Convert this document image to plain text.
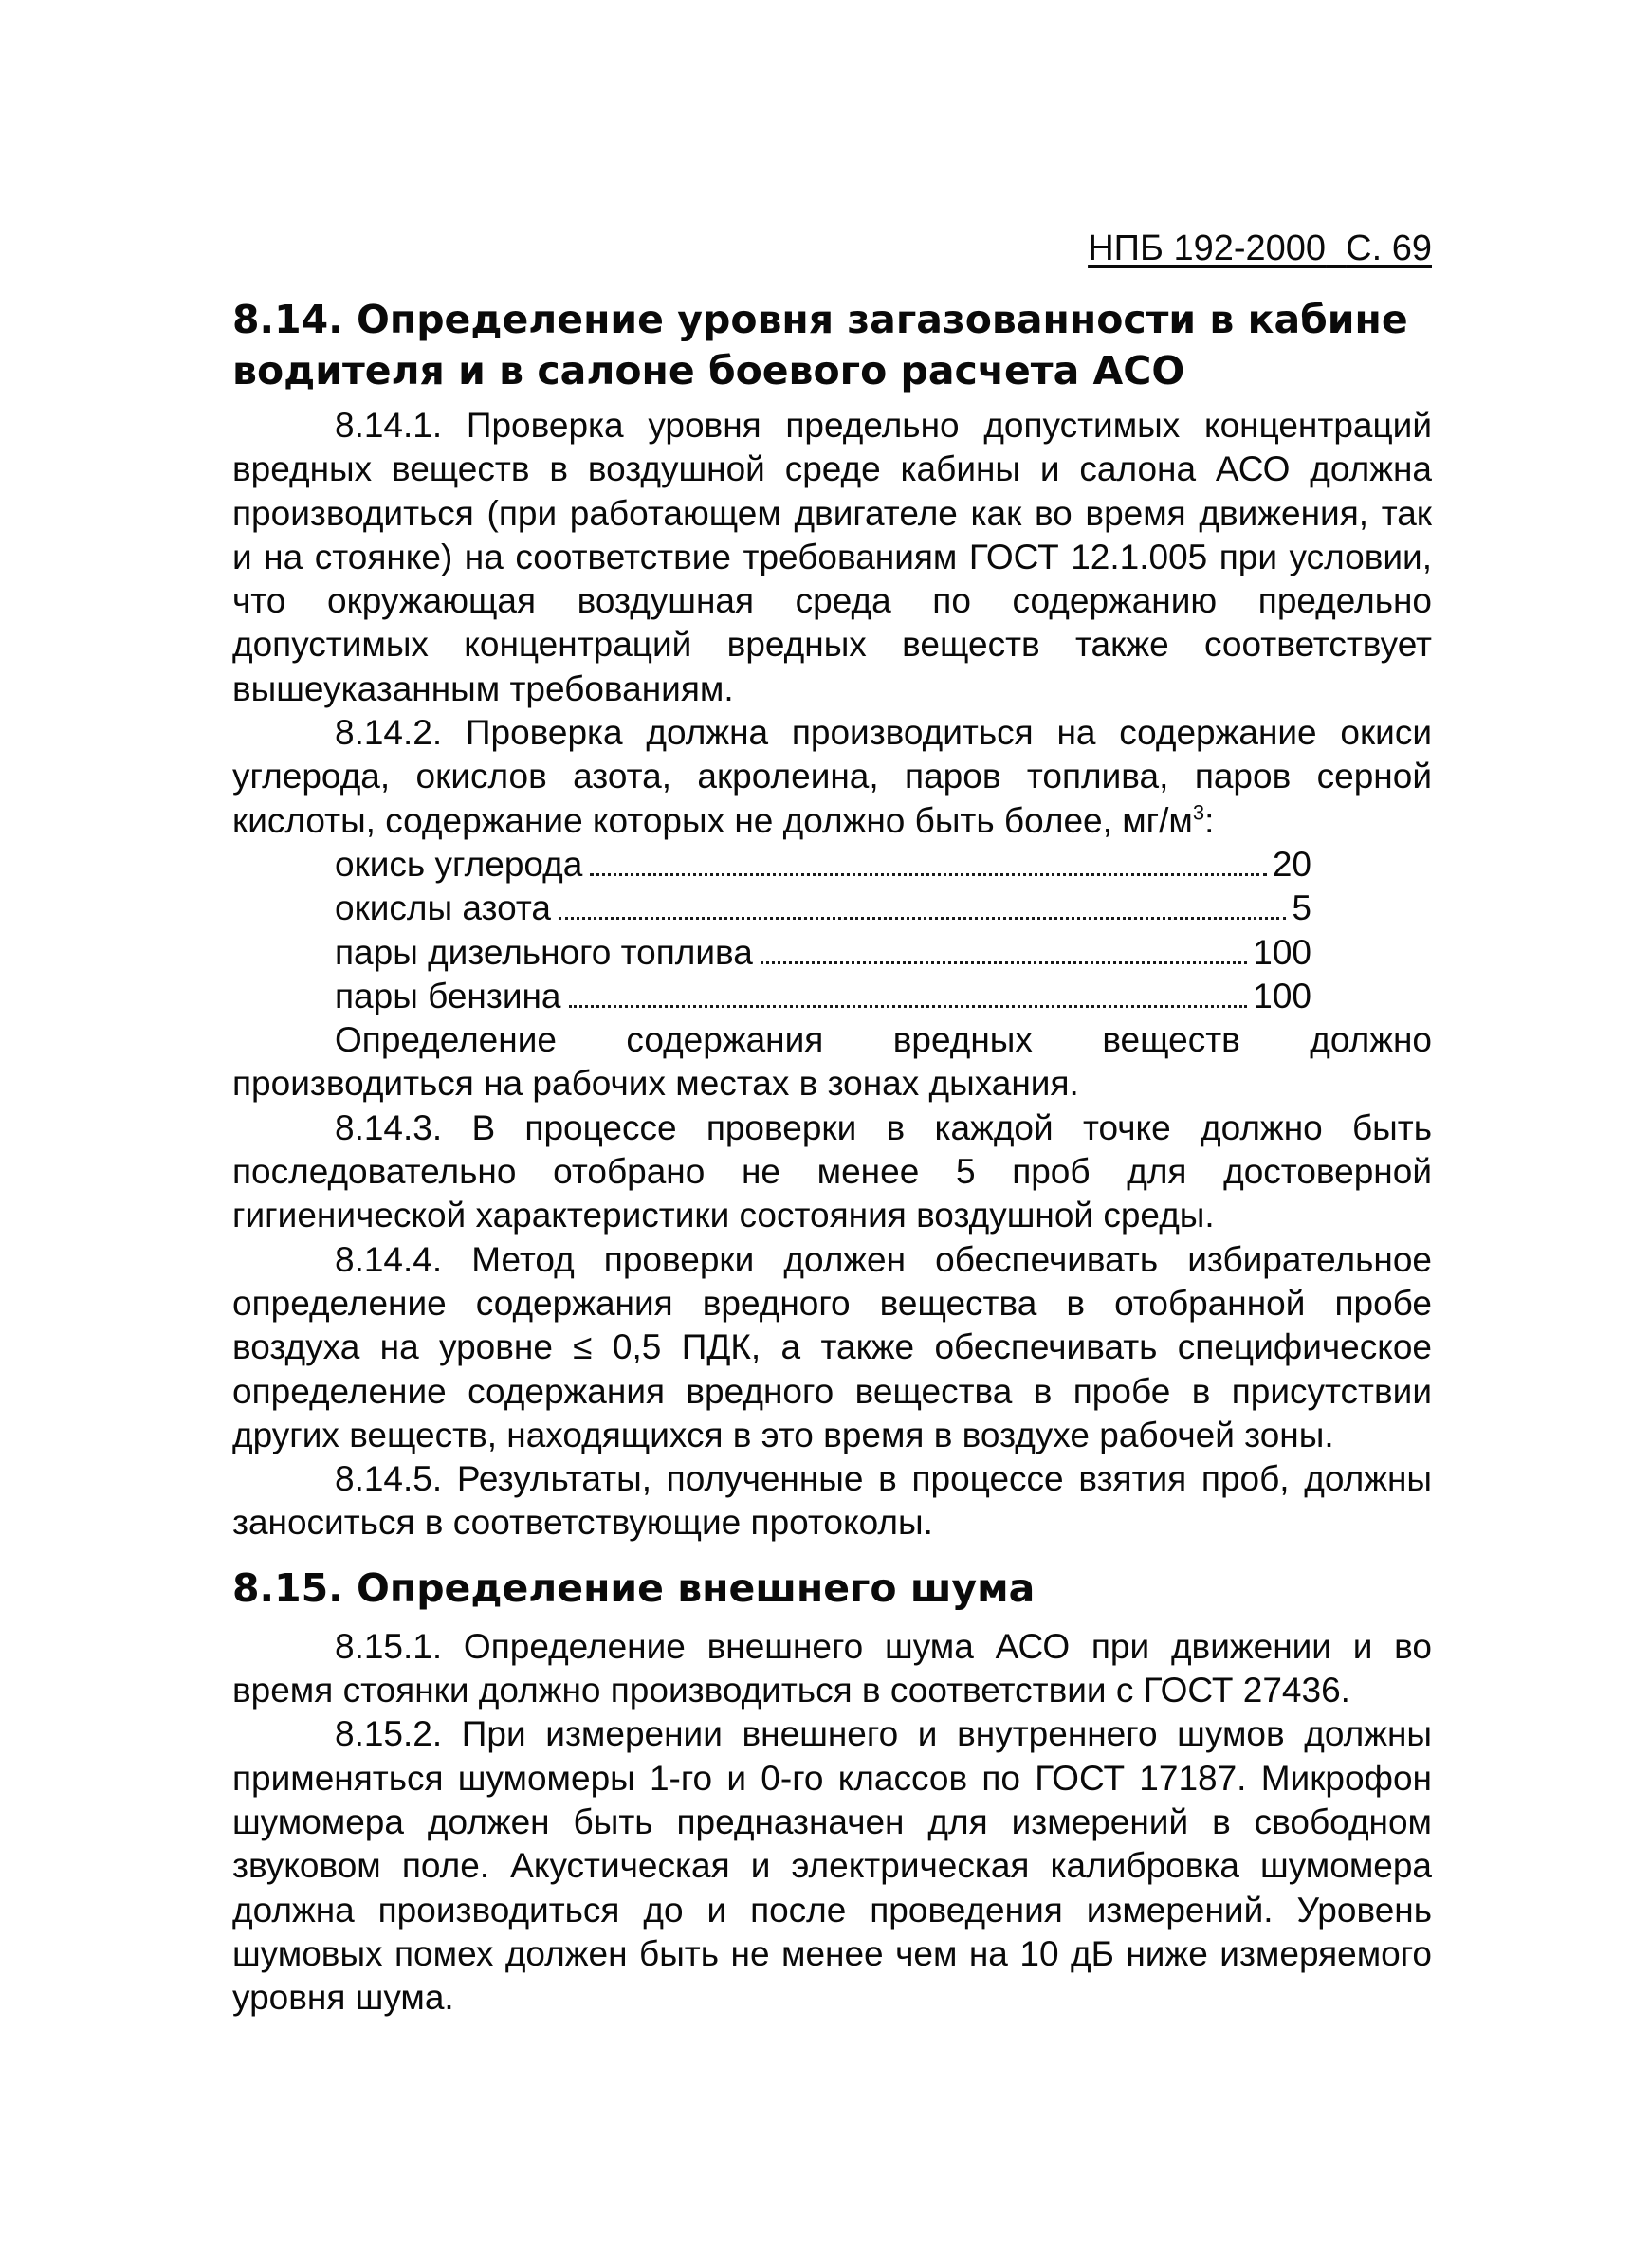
НПБ 192-2000 С. 69
8.14. Определение уровня загазованности в кабине водителя и в салоне боевого расчета АСО

8.14.1. Проверка уровня предельно допустимых концентраций вредных веществ в воздушной среде кабины и салона АСО должна производиться (при работающем двигателе как во время движения, так и на стоянке) на соответствие требованиям ГОСТ 12.1.005 при условии, что окружающая воздушная среда по содержанию предельно допустимых концентраций вредных веществ также соответствует вышеуказанным требованиям.

8.14.2. Проверка должна производиться на содержание окиси углерода, окислов азота, акролеина, паров топлива, паров серной кислоты, содержание которых не должно быть более, $мг/м^3$:

окись углерода	20
окислы азота	5
пары дизельного топлива	100
пары бензина	100

Определение содержания вредных веществ должно производиться на рабочих местах в зонах дыхания.

8.14.3. В процессе проверки в каждой точке должно быть последовательно отобрано не менее 5 проб для достоверной гигиенической характеристики состояния воздушной среды.

8.14.4. Метод проверки должен обеспечивать избирательное определение содержания вредного вещества в отобранной пробе воздуха на уровне ≤ 0,5 ПДК, а также обеспечивать специфическое определение содержания вредного вещества в пробе в присутствии других веществ, находящихся в это время в воздухе рабочей зоны.

8.14.5. Результаты, полученные в процессе взятия проб, должны заноситься в соответствующие протоколы.

8.15. Определение внешнего шума

8.15.1. Определение внешнего шума АСО при движении и во время стоянки должно производиться в соответствии с ГОСТ 27436.

8.15.2. При измерении внешнего и внутреннего шумов должны применяться шумомеры 1-го и 0-го классов по ГОСТ 17187. Микрофон шумомера должен быть предназначен для измерений в свободном звуковом поле. Акустическая и электрическая калибровка шумомера должна производиться до и после проведения измерений. Уровень шумовых помех должен быть не менее чем на 10 дБ ниже измеряемого уровня шума.
